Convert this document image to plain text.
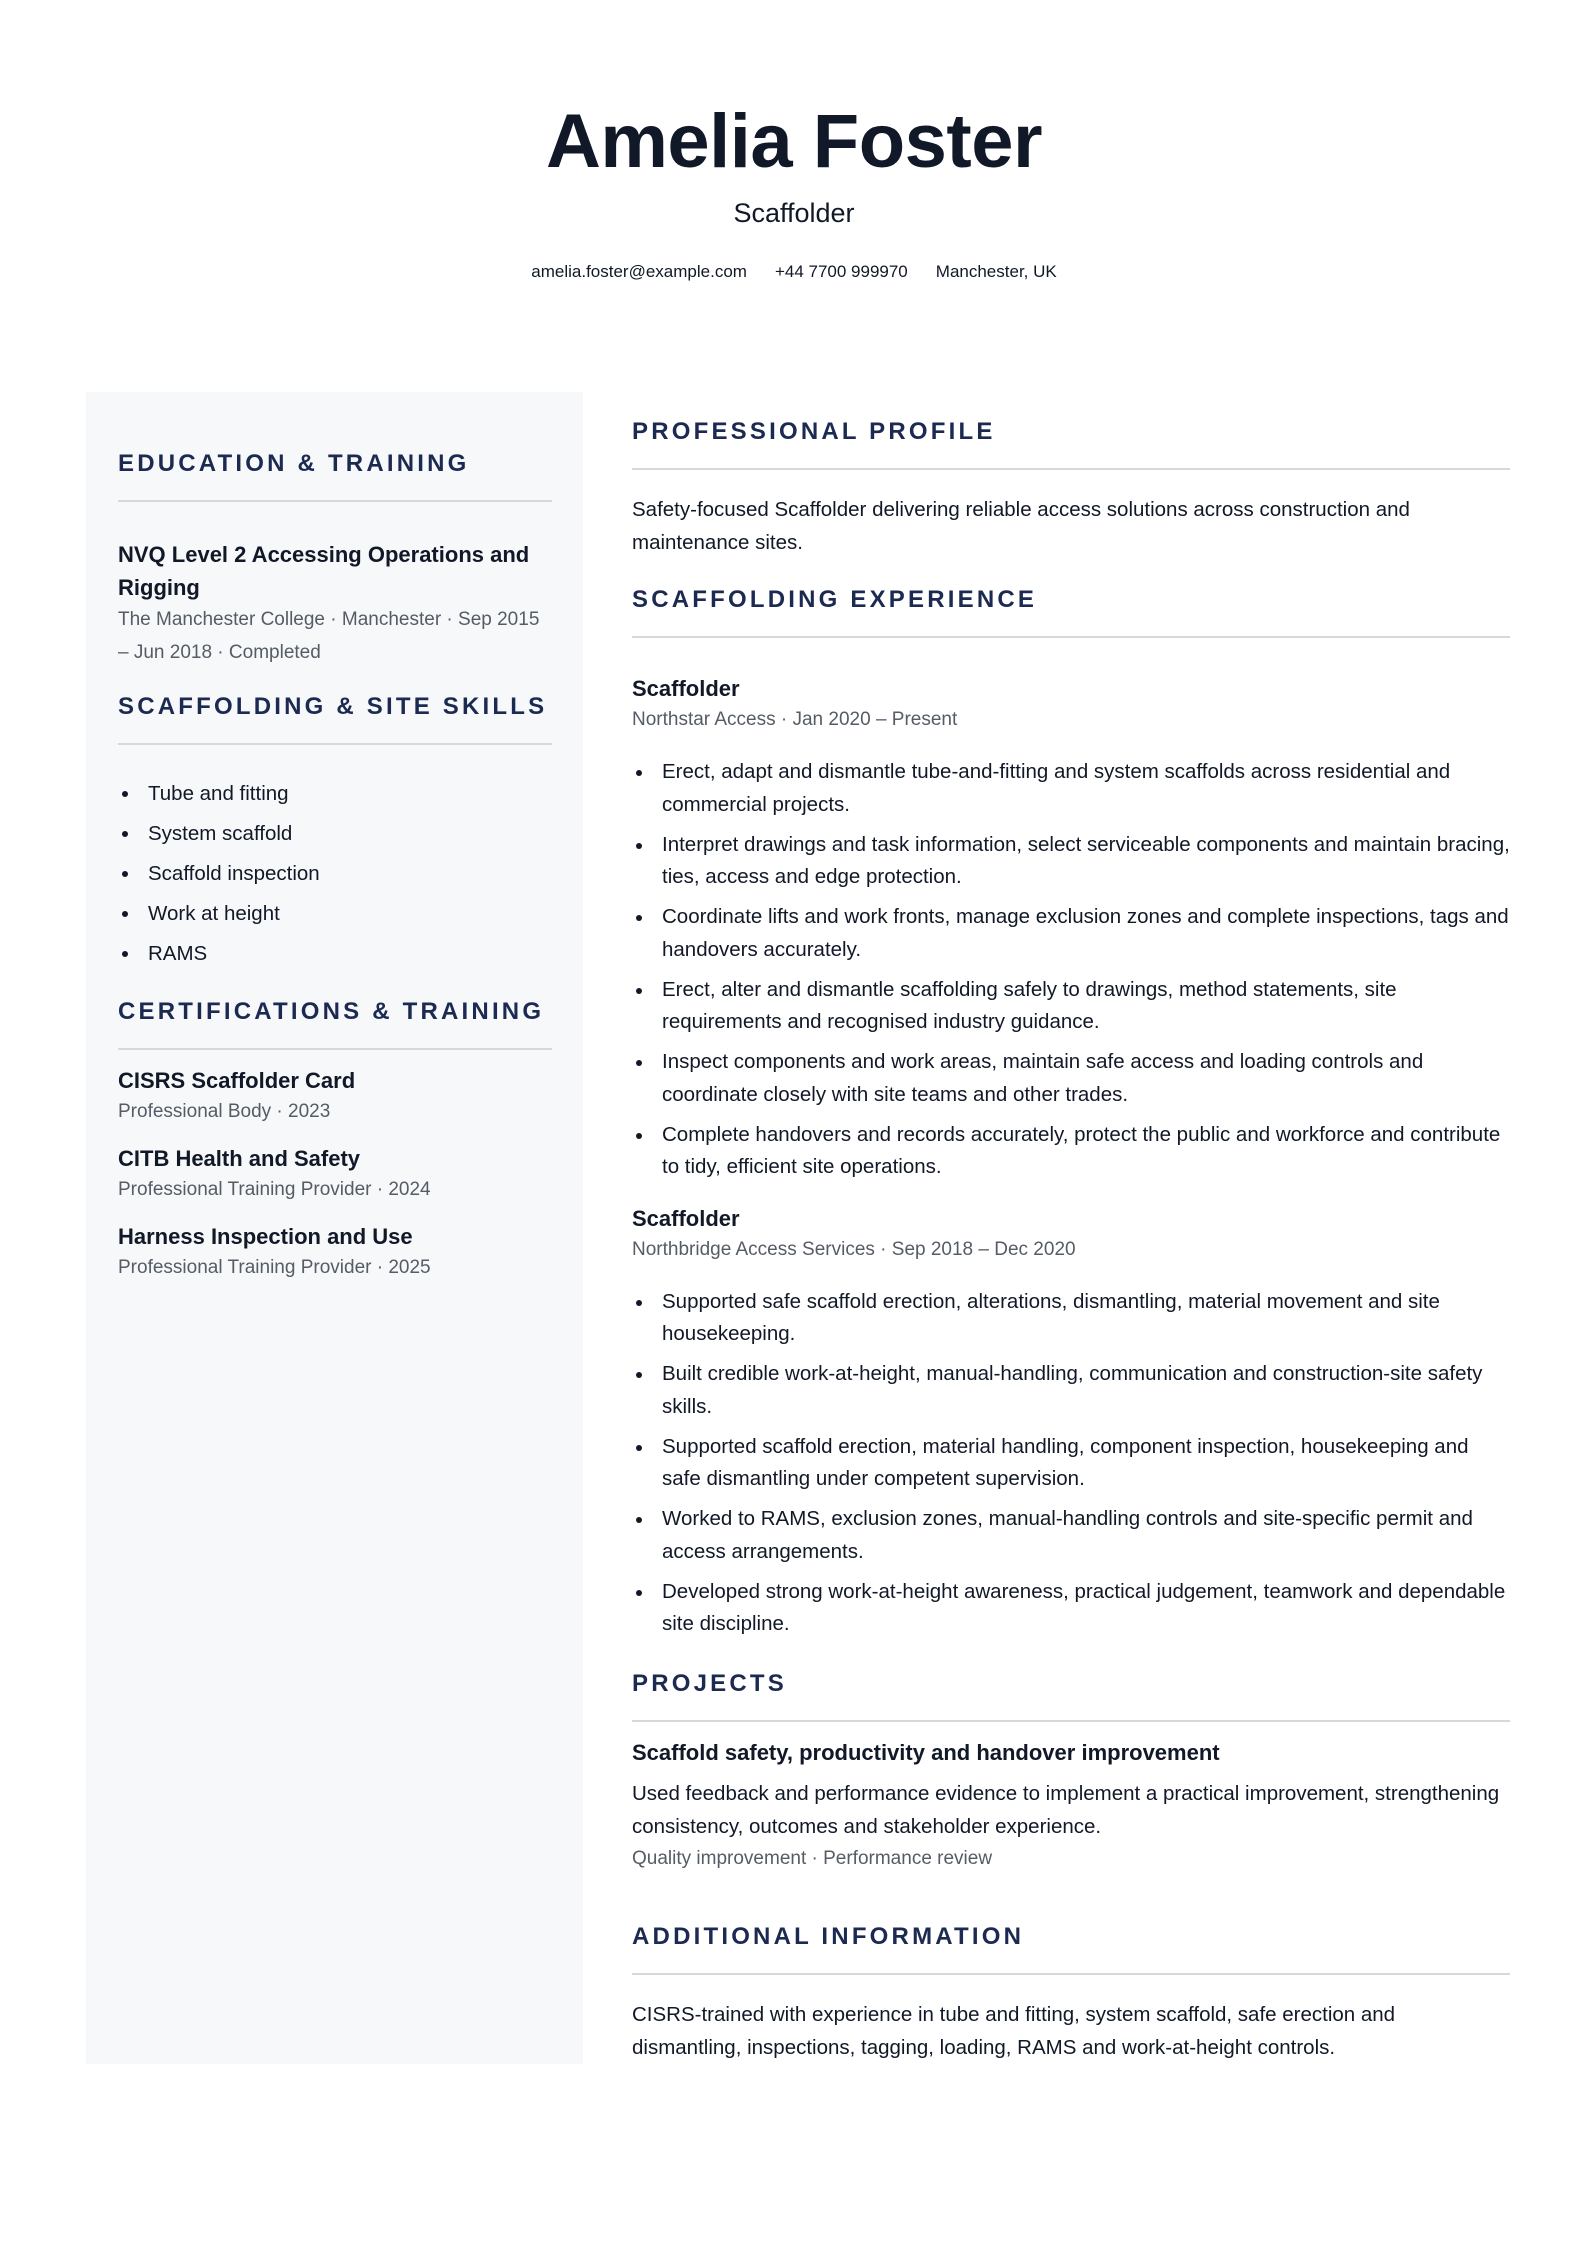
Amelia Foster
Scaffolder
amelia.foster@example.com +44 7700 999970 Manchester, UK
EDUCATION & TRAINING
NVQ Level 2 Accessing Operations and Rigging
The Manchester College · Manchester · Sep 2015 – Jun 2018 · Completed
SCAFFOLDING & SITE SKILLS
Tube and fitting
System scaffold
Scaffold inspection
Work at height
RAMS
CERTIFICATIONS & TRAINING
CISRS Scaffolder Card
Professional Body · 2023
CITB Health and Safety
Professional Training Provider · 2024
Harness Inspection and Use
Professional Training Provider · 2025
PROFESSIONAL PROFILE
Safety-focused Scaffolder delivering reliable access solutions across construction and maintenance sites.
SCAFFOLDING EXPERIENCE
Scaffolder
Northstar Access · Jan 2020 – Present
Erect, adapt and dismantle tube-and-fitting and system scaffolds across residential and commercial projects.
Interpret drawings and task information, select serviceable components and maintain bracing, ties, access and edge protection.
Coordinate lifts and work fronts, manage exclusion zones and complete inspections, tags and handovers accurately.
Erect, alter and dismantle scaffolding safely to drawings, method statements, site requirements and recognised industry guidance.
Inspect components and work areas, maintain safe access and loading controls and coordinate closely with site teams and other trades.
Complete handovers and records accurately, protect the public and workforce and contribute to tidy, efficient site operations.
Scaffolder
Northbridge Access Services · Sep 2018 – Dec 2020
Supported safe scaffold erection, alterations, dismantling, material movement and site housekeeping.
Built credible work-at-height, manual-handling, communication and construction-site safety skills.
Supported scaffold erection, material handling, component inspection, housekeeping and safe dismantling under competent supervision.
Worked to RAMS, exclusion zones, manual-handling controls and site-specific permit and access arrangements.
Developed strong work-at-height awareness, practical judgement, teamwork and dependable site discipline.
PROJECTS
Scaffold safety, productivity and handover improvement
Used feedback and performance evidence to implement a practical improvement, strengthening consistency, outcomes and stakeholder experience.
Quality improvement · Performance review
ADDITIONAL INFORMATION
CISRS-trained with experience in tube and fitting, system scaffold, safe erection and dismantling, inspections, tagging, loading, RAMS and work-at-height controls.
